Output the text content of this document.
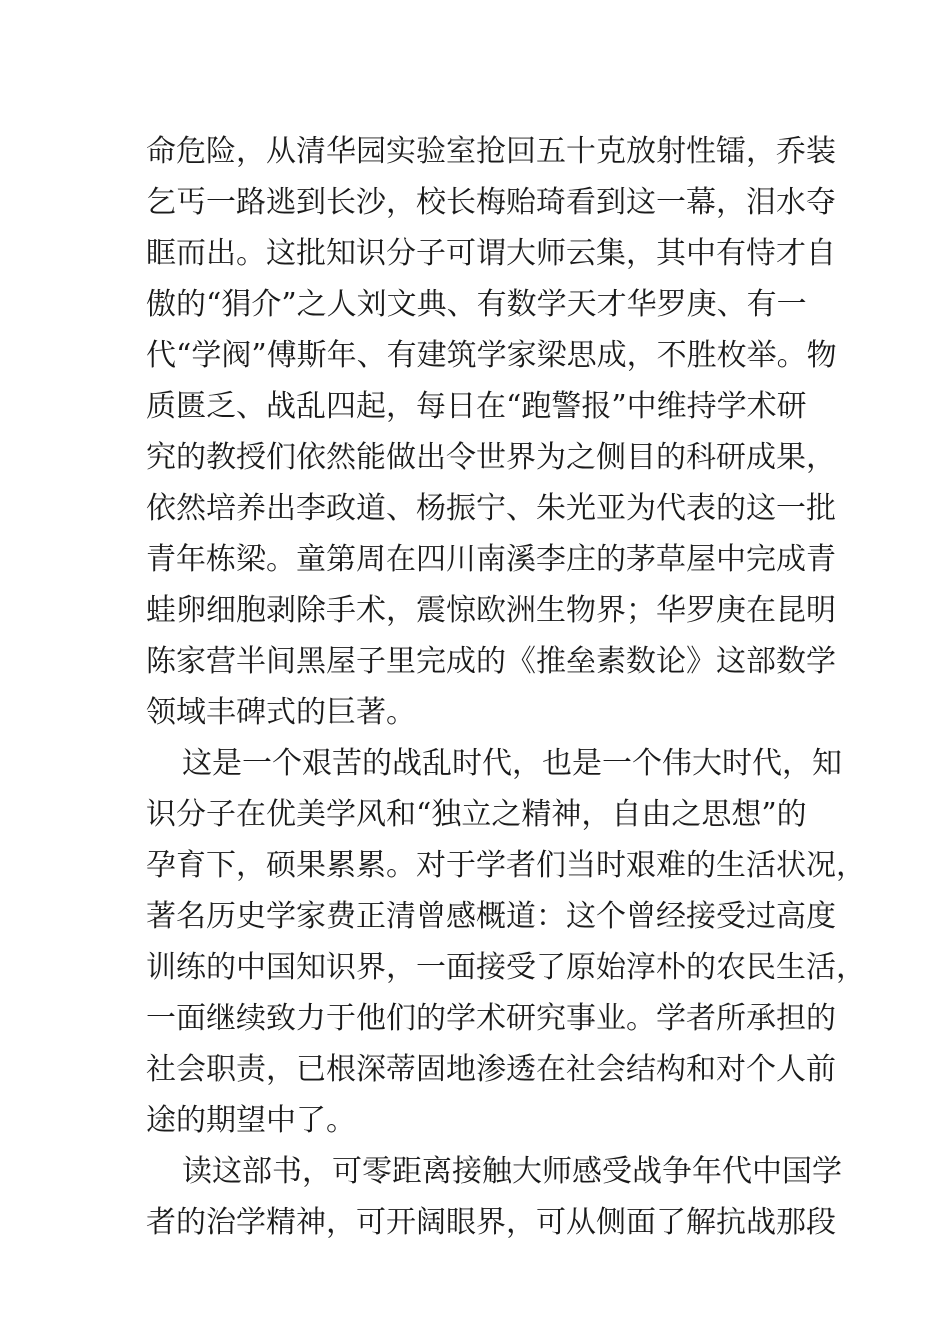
命危险，从清华园实验室抢回五十克放射性镭，乔装
乞丐一路逃到长沙，校长梅贻琦看到这一幕，泪水夺
眶而出。这批知识分子可谓大师云集，其中有恃才自
傲的“狷介”之人刘文典、有数学天才华罗庚、有一
代“学阀”傅斯年、有建筑学家梁思成，不胜枚举。物
质匮乏、战乱四起，每日在“跑警报”中维持学术研
究的教授们依然能做出令世界为之侧目的科研成果，
依然培养出李政道、杨振宁、朱光亚为代表的这一批
青年栋梁。童第周在四川南溪李庄的茅草屋中完成青
蛙卵细胞剥除手术，震惊欧洲生物界；华罗庚在昆明
陈家营半间黑屋子里完成的《推垒素数论》这部数学
领域丰碑式的巨著。
这是一个艰苦的战乱时代，也是一个伟大时代，知
识分子在优美学风和“独立之精神，自由之思想”的
孕育下，硕果累累。对于学者们当时艰难的生活状况，
著名历史学家费正清曾感概道：这个曾经接受过高度
训练的中国知识界，一面接受了原始淳朴的农民生活，
一面继续致力于他们的学术研究事业。学者所承担的
社会职责，已根深蒂固地渗透在社会结构和对个人前
途的期望中了。
读这部书，可零距离接触大师感受战争年代中国学
者的治学精神，可开阔眼界，可从侧面了解抗战那段
